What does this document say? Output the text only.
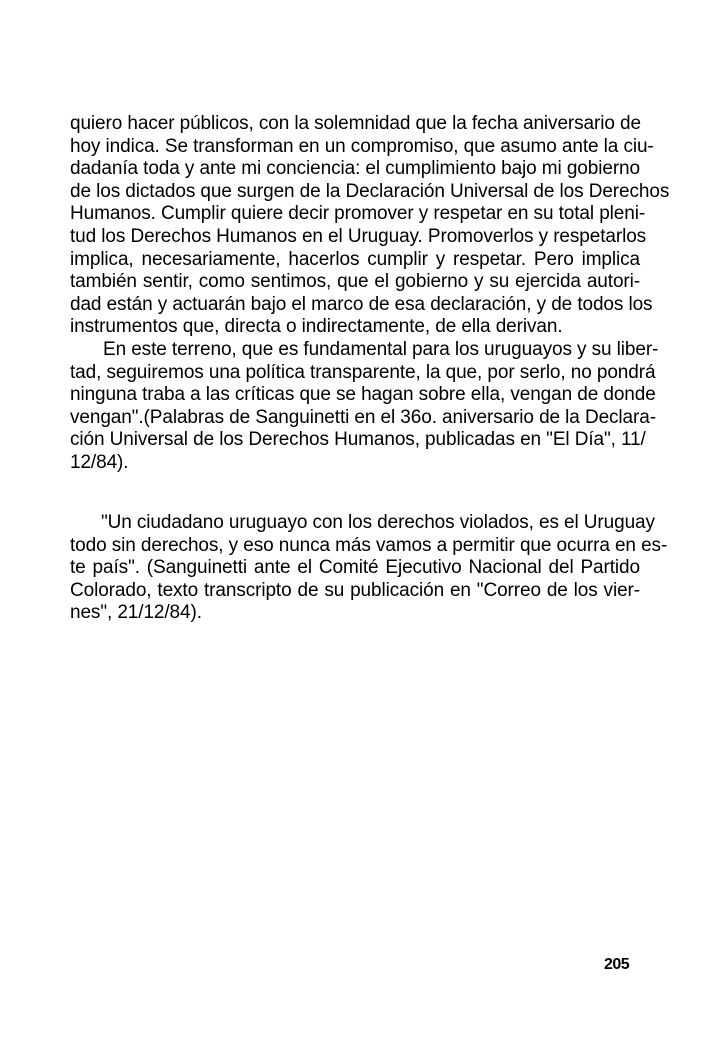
quiero hacer públicos, con la solemnidad que la fecha aniversario de
hoy indica. Se transforman en un compromiso, que asumo ante la ciu-
dadanía toda y ante mi conciencia: el cumplimiento bajo mi gobierno
de los dictados que surgen de la Declaración Universal de los Derechos
Humanos. Cumplir quiere decir promover y respetar en su total pleni-
tud los Derechos Humanos en el Uruguay. Promoverlos y respetarlos
implica, necesariamente, hacerlos cumplir y respetar. Pero implica
también sentir, como sentimos, que el gobierno y su ejercida autori-
dad están y actuarán bajo el marco de esa declaración, y de todos los
instrumentos que, directa o indirectamente, de ella derivan.
En este terreno, que es fundamental para los uruguayos y su liber-
tad, seguiremos una política transparente, la que, por serlo, no pondrá
ninguna traba a las críticas que se hagan sobre ella, vengan de donde
vengan".(Palabras de Sanguinetti en el 36o. aniversario de la Declara-
ción Universal de los Derechos Humanos, publicadas en "El Día", 11/
12/84).
"Un ciudadano uruguayo con los derechos violados, es el Uruguay
todo sin derechos, y eso nunca más vamos a permitir que ocurra en es-
te país". (Sanguinetti ante el Comité Ejecutivo Nacional del Partido
Colorado, texto transcripto de su publicación en "Correo de los vier-
nes", 21/12/84).
205
